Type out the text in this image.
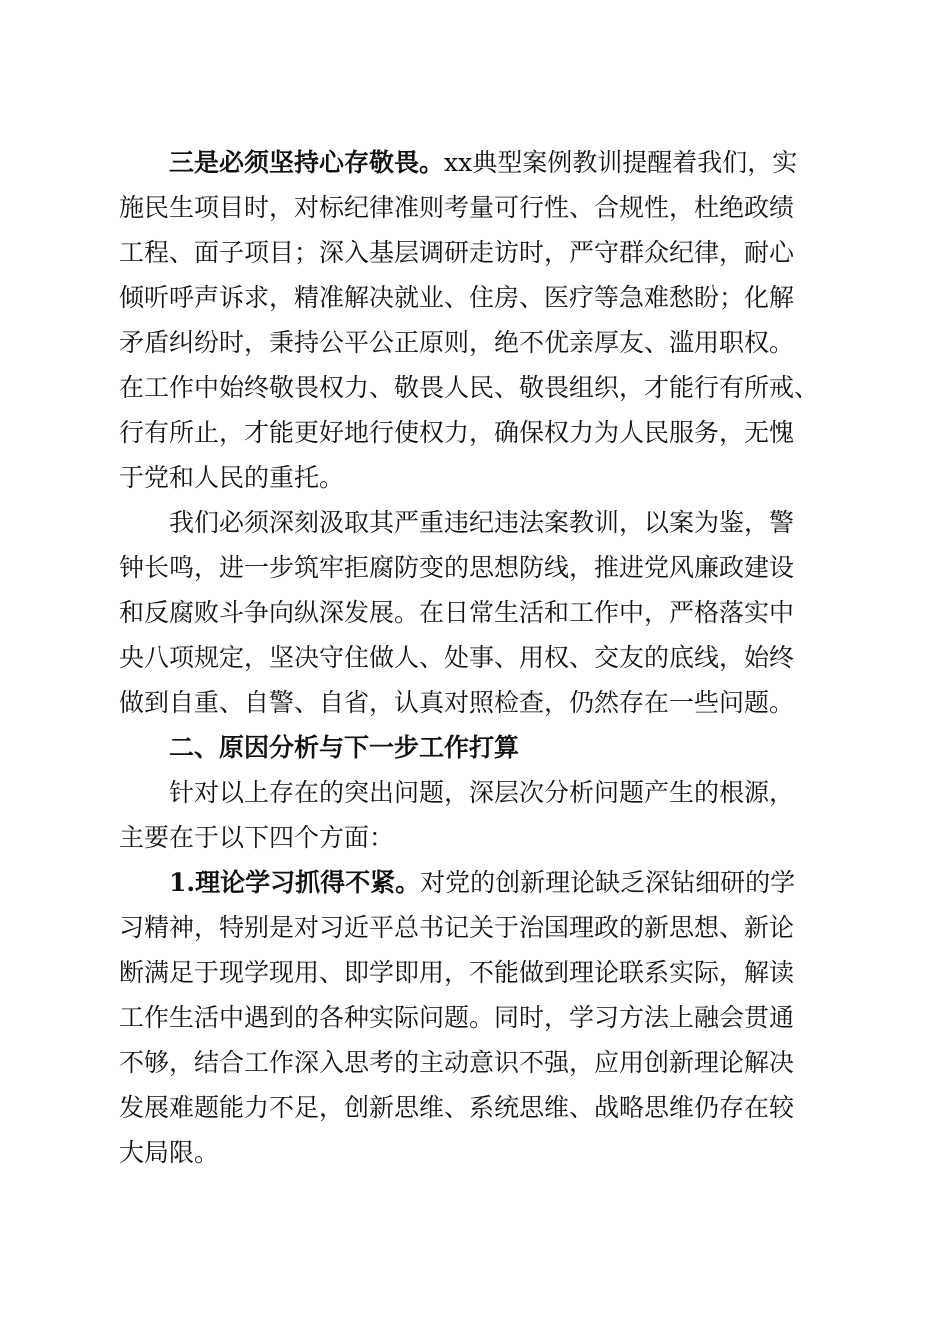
三是必须坚持心存敬畏。xx典型案例教训提醒着我们，实

施民生项目时，对标纪律准则考量可行性、合规性，杜绝政绩

工程、面子项目；深入基层调研走访时，严守群众纪律，耐心

倾听呼声诉求，精准解决就业、住房、医疗等急难愁盼；化解

矛盾纠纷时，秉持公平公正原则，绝不优亲厚友、滥用职权。

在工作中始终敬畏权力、敬畏人民、敬畏组织，才能行有所戒、

行有所止，才能更好地行使权力，确保权力为人民服务，无愧

于党和人民的重托。

我们必须深刻汲取其严重违纪违法案教训，以案为鉴，警

钟长鸣，进一步筑牢拒腐防变的思想防线，推进党风廉政建设

和反腐败斗争向纵深发展。在日常生活和工作中，严格落实中

央八项规定，坚决守住做人、处事、用权、交友的底线，始终

做到自重、自警、自省，认真对照检查，仍然存在一些问题。

二、原因分析与下一步工作打算

针对以上存在的突出问题，深层次分析问题产生的根源，

主要在于以下四个方面：

1.理论学习抓得不紧。对党的创新理论缺乏深钻细研的学

习精神，特别是对习近平总书记关于治国理政的新思想、新论

断满足于现学现用、即学即用，不能做到理论联系实际，解读

工作生活中遇到的各种实际问题。同时，学习方法上融会贯通

不够，结合工作深入思考的主动意识不强，应用创新理论解决

发展难题能力不足，创新思维、系统思维、战略思维仍存在较

大局限。
